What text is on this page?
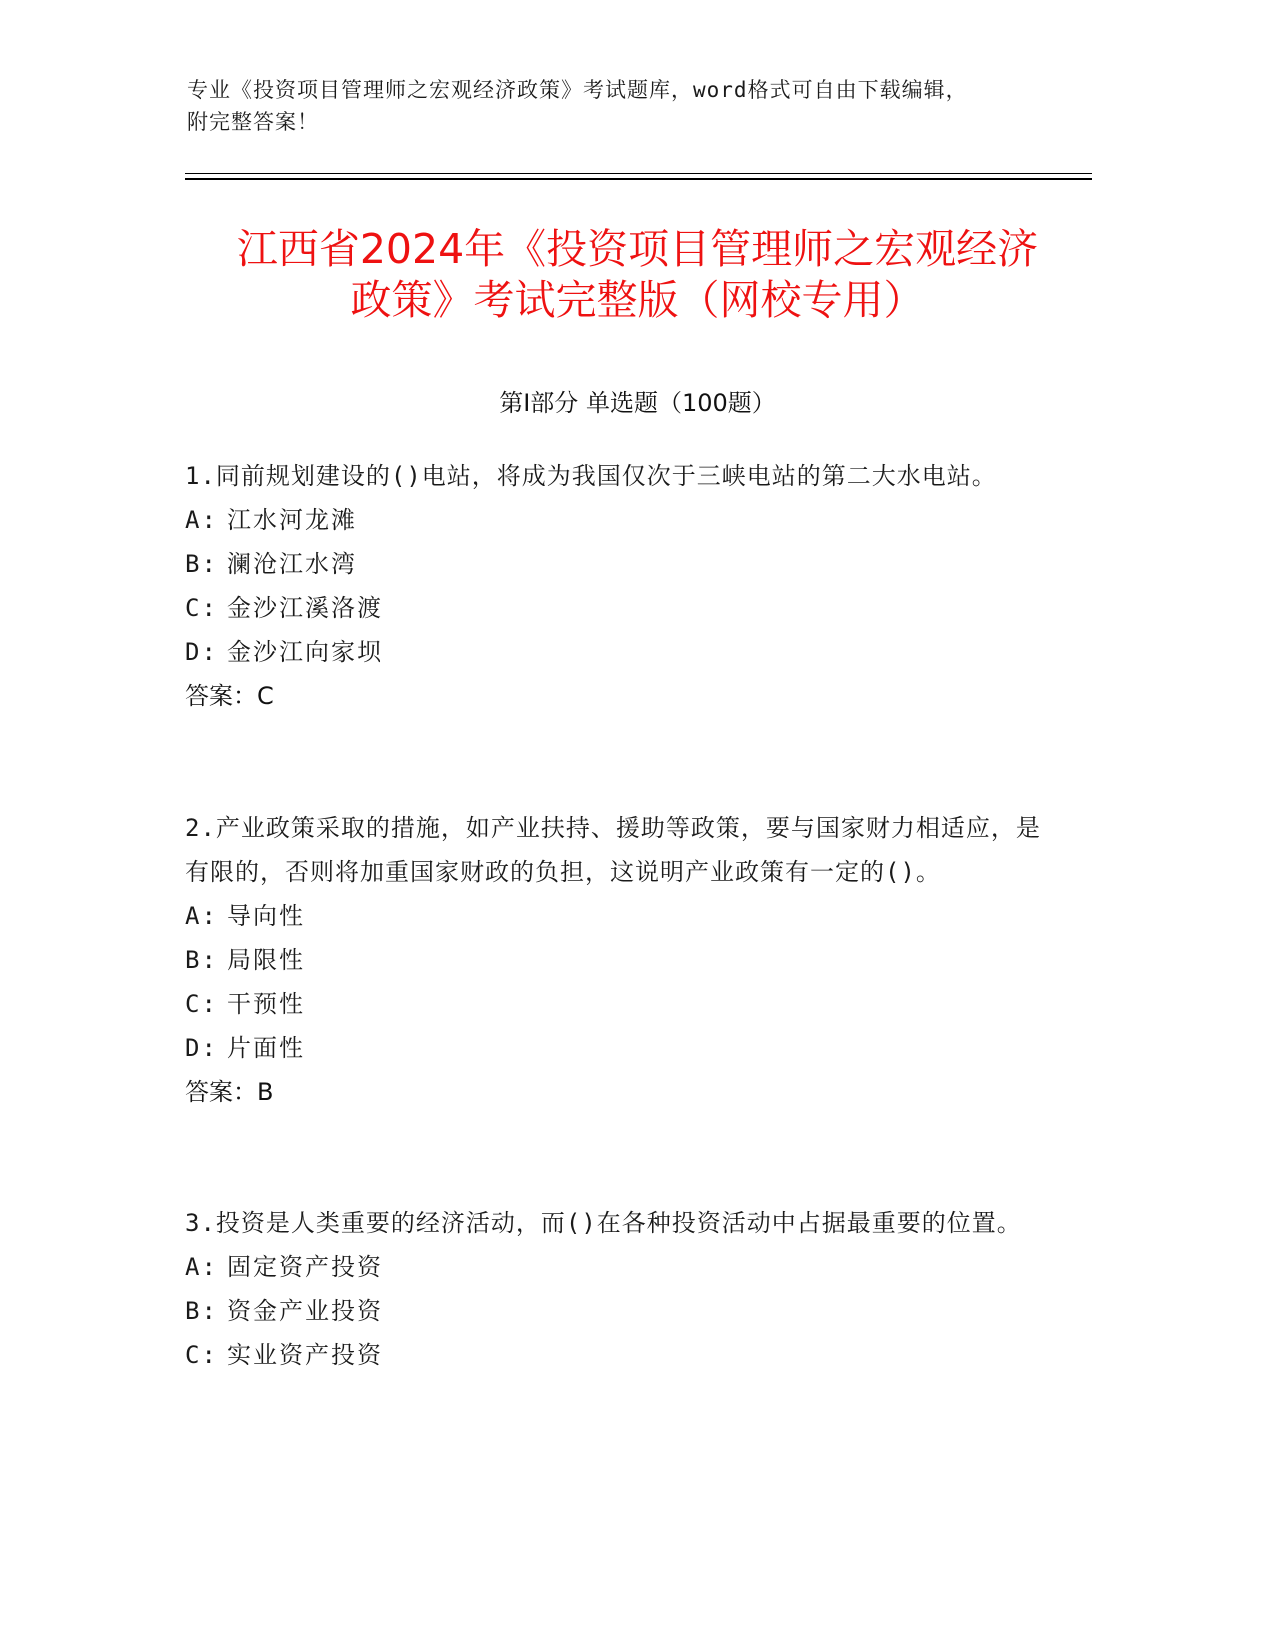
专业《投资项目管理师之宏观经济政策》考试题库，word格式可自由下载编辑，
附完整答案！
江西省2024年《投资项目管理师之宏观经济
政策》考试完整版（网校专用）
第Ⅰ部分 单选题（100题）
1.同前规划建设的()电站，将成为我国仅次于三峡电站的第二大水电站。
A: 江水河龙滩
B: 澜沧江水湾
C: 金沙江溪洛渡
D: 金沙江向家坝
答案：C
2.产业政策采取的措施，如产业扶持、援助等政策，要与国家财力相适应，是有限的，否则将加重国家财政的负担，这说明产业政策有一定的()。
A: 导向性
B: 局限性
C: 干预性
D: 片面性
答案：B
3.投资是人类重要的经济活动，而()在各种投资活动中占据最重要的位置。
A: 固定资产投资
B: 资金产业投资
C: 实业资产投资
